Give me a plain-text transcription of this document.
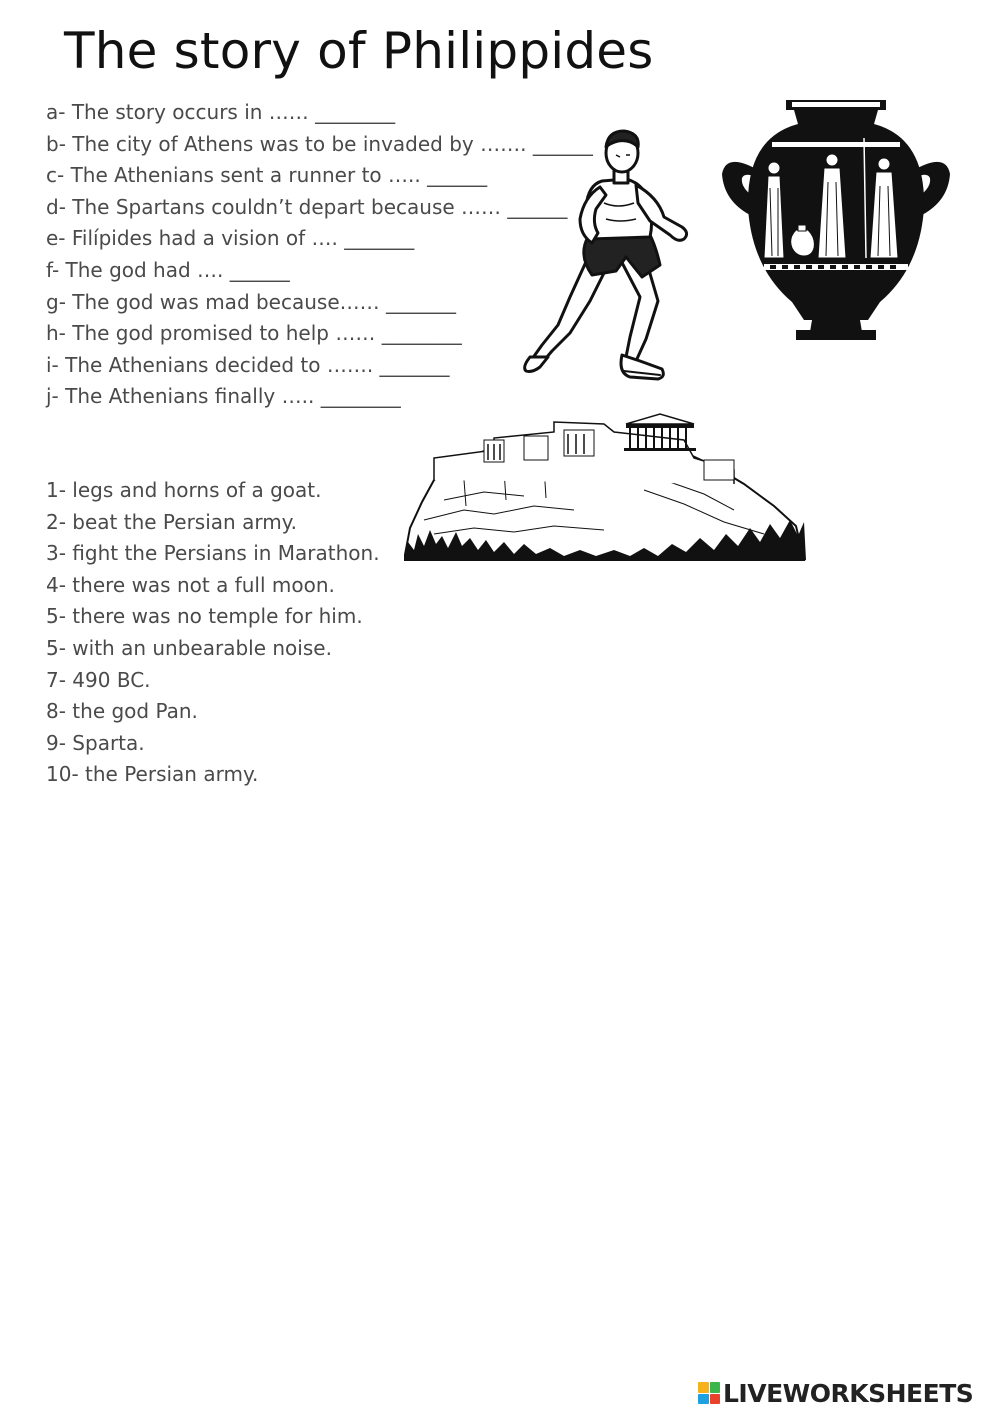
The story of Philippides
a- The story occurs in …… ________
b- The city of Athens was to be invaded by ……. ______
c- The Athenians sent a runner to ….. ______
d- The Spartans couldn’t depart because …… ______
e- Filípides had a vision of …. _______
f- The god had …. ______
g- The god was mad because…… _______
h- The god promised to help …… ________
i- The Athenians decided to ……. _______
j- The Athenians finally ….. ________
1- legs and horns of a goat.
2- beat the Persian army.
3- fight the Persians in Marathon.
4- there was not a full moon.
5- there was no temple for him.
5- with an unbearable noise.
7- 490 BC.
8- the god Pan.
9- Sparta.
10- the Persian army.
LIVEWORKSHEETS
